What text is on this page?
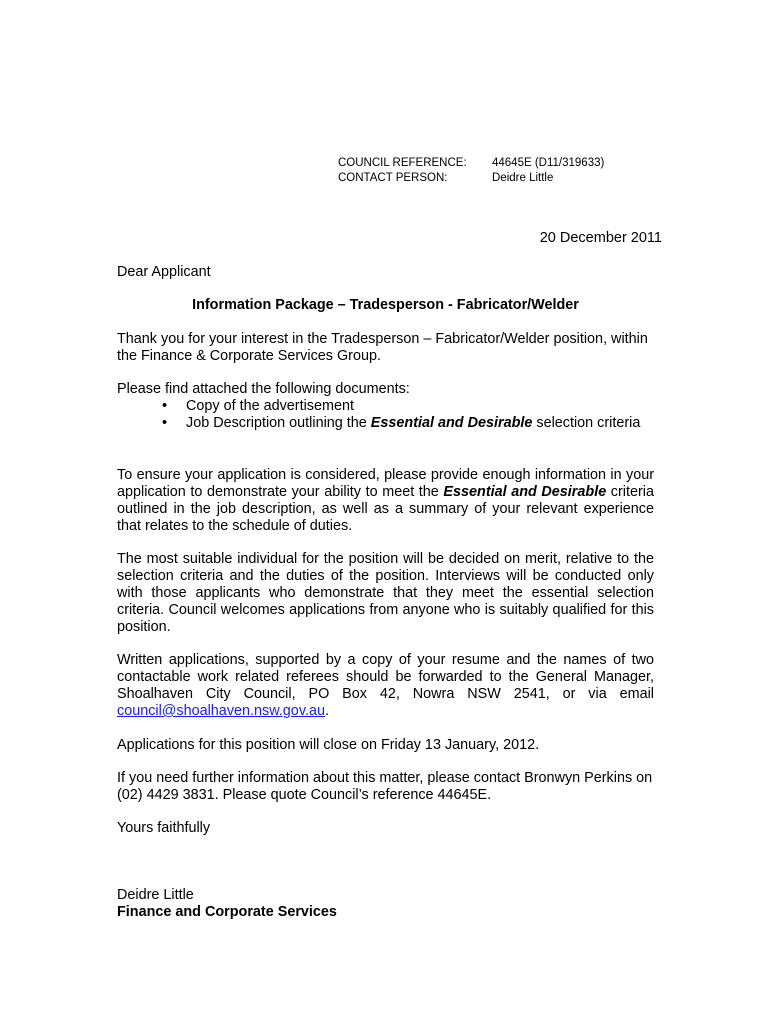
COUNCIL REFERENCE:	44645E (D11/319633)
CONTACT PERSON:	Deidre Little
20 December 2011
Dear Applicant
Information Package – Tradesperson - Fabricator/Welder
Thank you for your interest in the Tradesperson – Fabricator/Welder position, within the Finance & Corporate Services Group.
Please find attached the following documents:
• Copy of the advertisement
• Job Description outlining the Essential and Desirable selection criteria
To ensure your application is considered, please provide enough information in your application to demonstrate your ability to meet the Essential and Desirable criteria outlined in the job description, as well as a summary of your relevant experience that relates to the schedule of duties.
The most suitable individual for the position will be decided on merit, relative to the selection criteria and the duties of the position. Interviews will be conducted only with those applicants who demonstrate that they meet the essential selection criteria. Council welcomes applications from anyone who is suitably qualified for this position.
Written applications, supported by a copy of your resume and the names of two contactable work related referees should be forwarded to the General Manager, Shoalhaven City Council, PO Box 42, Nowra NSW 2541, or via email council@shoalhaven.nsw.gov.au.
Applications for this position will close on Friday 13 January, 2012.
If you need further information about this matter, please contact Bronwyn Perkins on (02) 4429 3831. Please quote Council’s reference 44645E.
Yours faithfully
Deidre Little
Finance and Corporate Services
